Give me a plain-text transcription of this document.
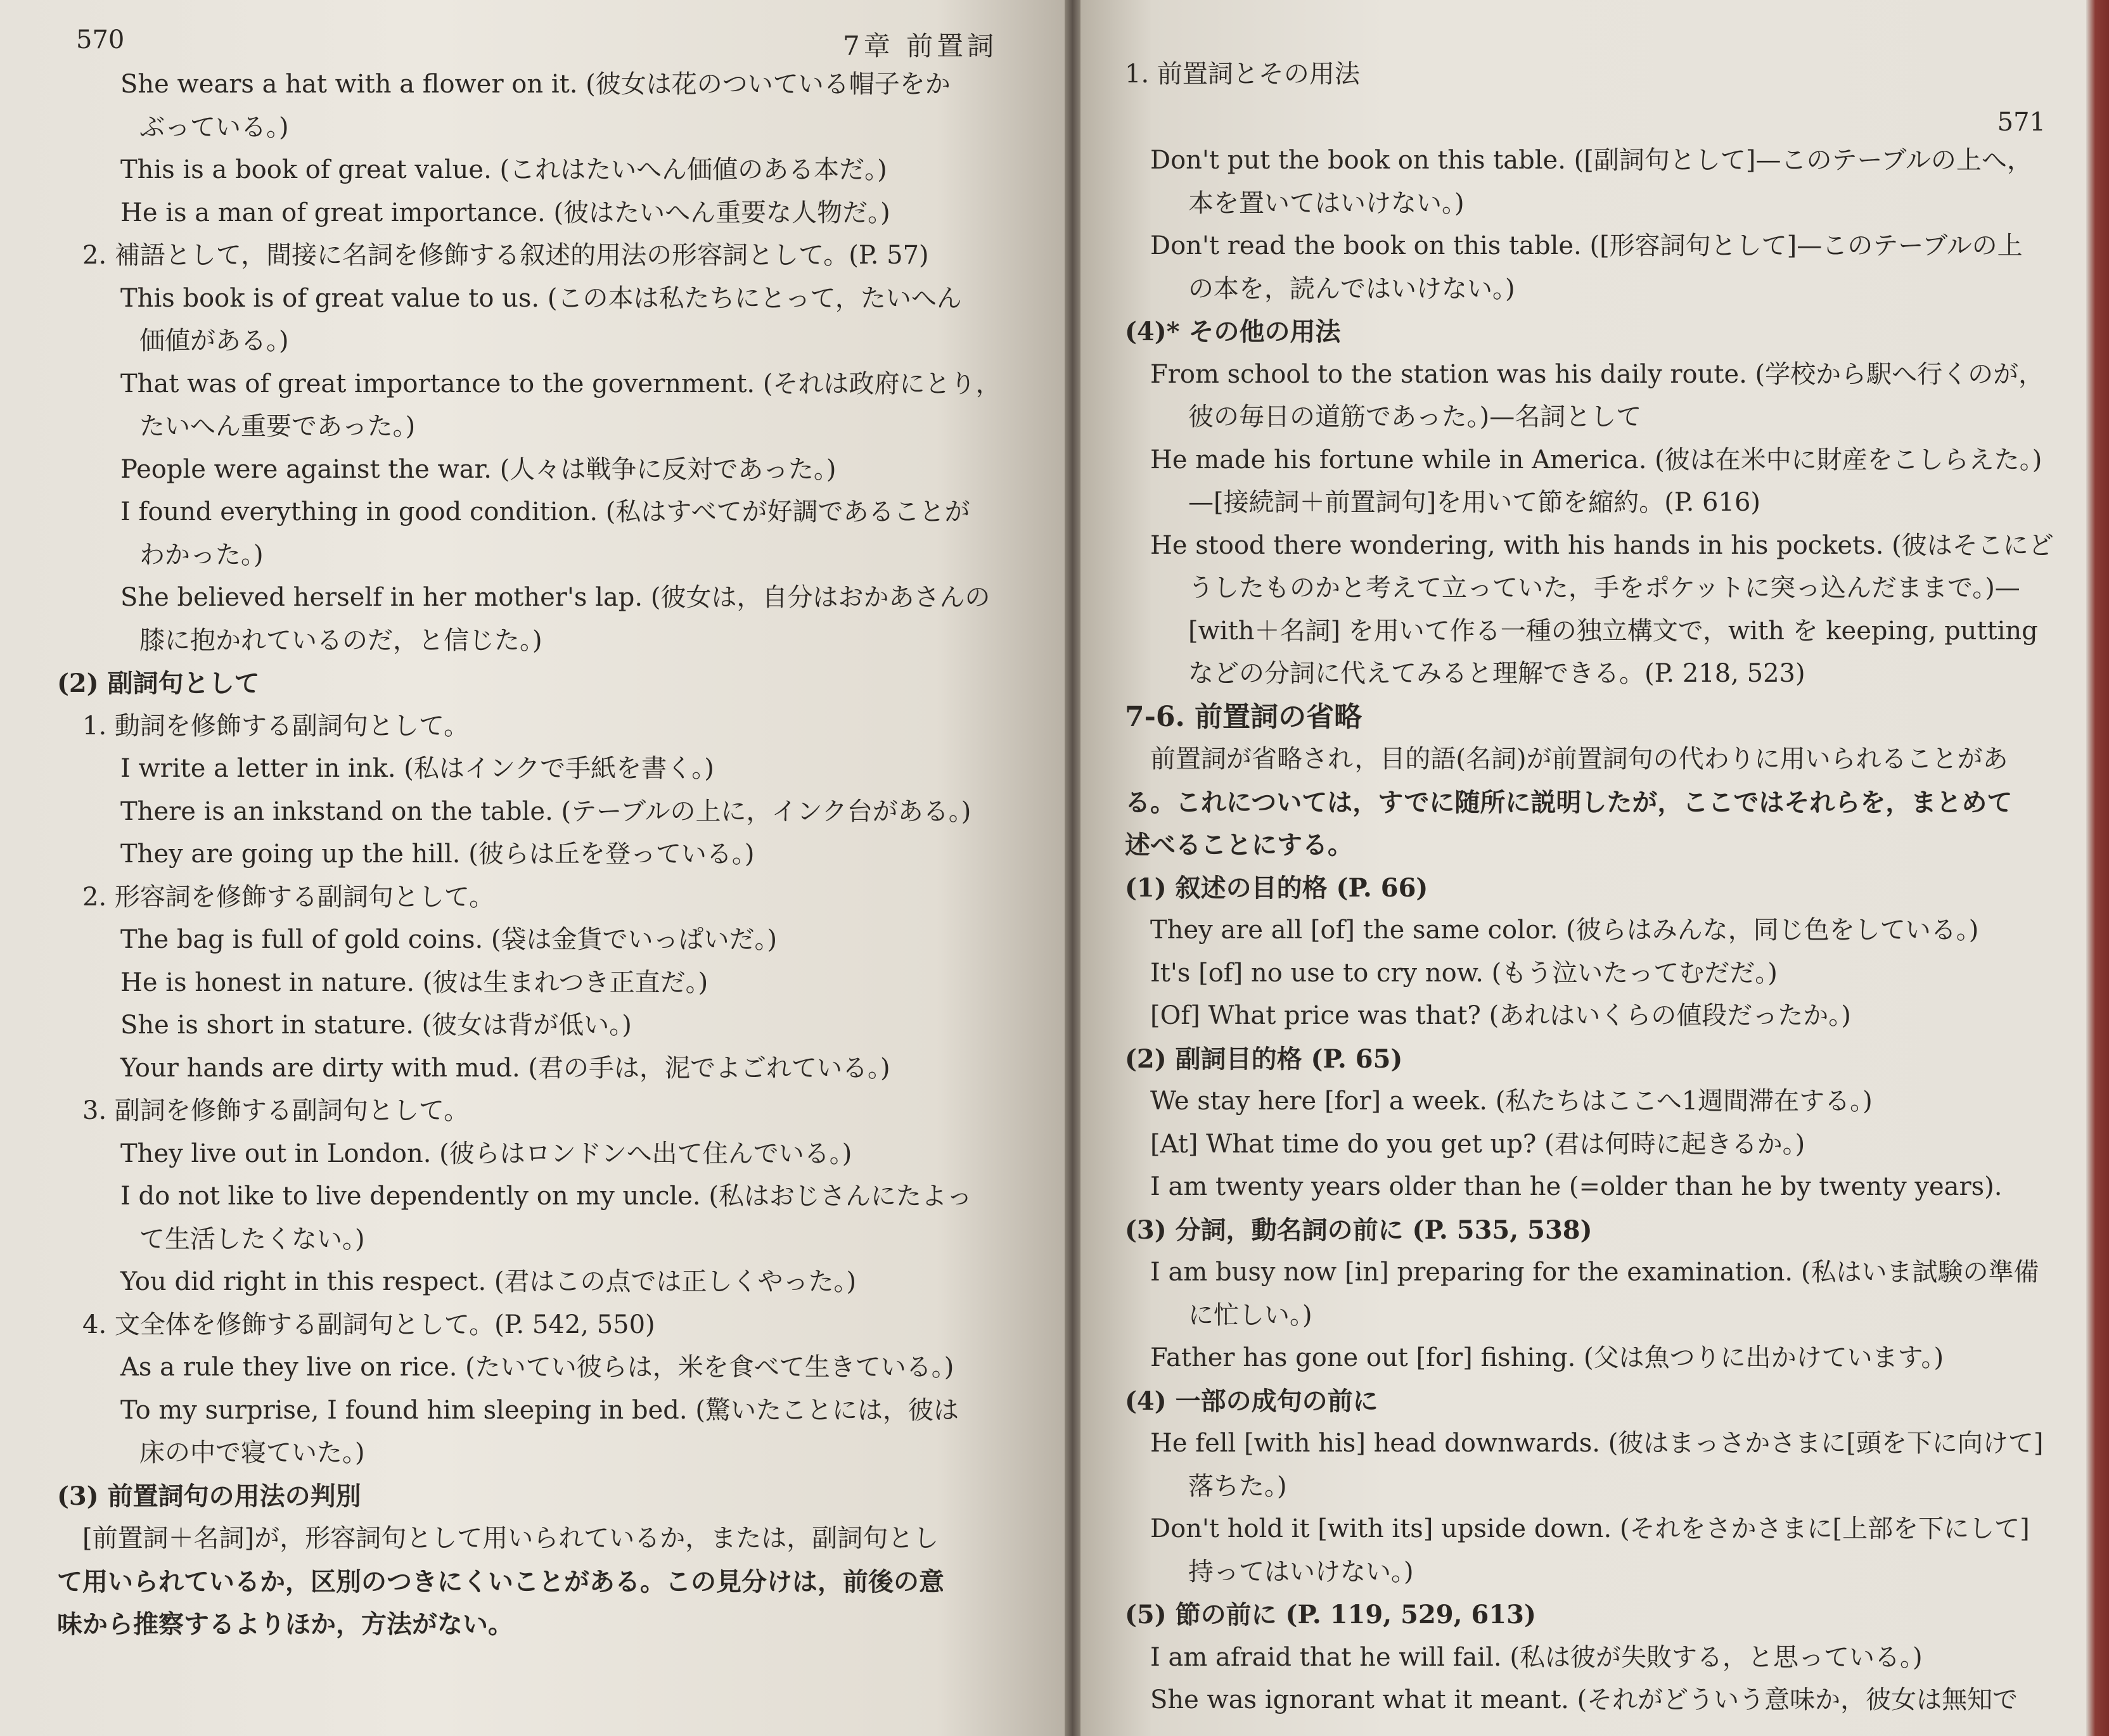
570	7章 前置詞
She wears a hat with a flower on it. (彼女は花のついている帽子をか
ぶっている。)
This is a book of great value. (これはたいへん価値のある本だ。)
He is a man of great importance. (彼はたいへん重要な人物だ。)
2. 補語として，間接に名詞を修飾する叙述的用法の形容詞として。(P. 57)
This book is of great value to us. (この本は私たちにとって，たいへん
価値がある。)
That was of great importance to the government. (それは政府にとり，
たいへん重要であった。)
People were against the war. (人々は戦争に反対であった。)
I found everything in good condition. (私はすべてが好調であることが
わかった。)
She believed herself in her mother's lap. (彼女は，自分はおかあさんの
膝に抱かれているのだ，と信じた。)
(2) 副詞句として
1. 動詞を修飾する副詞句として。
I write a letter in ink. (私はインクで手紙を書く。)
There is an inkstand on the table. (テーブルの上に，インク台がある。)
They are going up the hill. (彼らは丘を登っている。)
2. 形容詞を修飾する副詞句として。
The bag is full of gold coins. (袋は金貨でいっぱいだ。)
He is honest in nature. (彼は生まれつき正直だ。)
She is short in stature. (彼女は背が低い。)
Your hands are dirty with mud. (君の手は，泥でよごれている。)
3. 副詞を修飾する副詞句として。
They live out in London. (彼らはロンドンへ出て住んでいる。)
I do not like to live dependently on my uncle. (私はおじさんにたよっ
て生活したくない。)
You did right in this respect. (君はこの点では正しくやった。)
4. 文全体を修飾する副詞句として。(P. 542, 550)
As a rule they live on rice. (たいてい彼らは，米を食べて生きている。)
To my surprise, I found him sleeping in bed. (驚いたことには，彼は
床の中で寝ていた。)
(3) 前置詞句の用法の判別
[前置詞＋名詞]が，形容詞句として用いられているか，または，副詞句とし
て用いられているか，区別のつきにくいことがある。この見分けは，前後の意
味から推察するよりほか，方法がない。
1. 前置詞とその用法
571
Don't put the book on this table. ([副詞句として]—このテーブルの上へ，
本を置いてはいけない。)
Don't read the book on this table. ([形容詞句として]—このテーブルの上
の本を，読んではいけない。)
(4)* その他の用法
From school to the station was his daily route. (学校から駅へ行くのが，
彼の毎日の道筋であった。)—名詞として
He made his fortune while in America. (彼は在米中に財産をこしらえた。)
—[接続詞＋前置詞句]を用いて節を縮約。(P. 616)
He stood there wondering, with his hands in his pockets. (彼はそこにど
うしたものかと考えて立っていた，手をポケットに突っ込んだままで。)—
[with＋名詞] を用いて作る一種の独立構文で，with を keeping, putting
などの分詞に代えてみると理解できる。(P. 218, 523)
7-6. 前置詞の省略
前置詞が省略され，目的語(名詞)が前置詞句の代わりに用いられることがあ
る。これについては，すでに随所に説明したが，ここではそれらを，まとめて
述べることにする。
(1) 叙述の目的格 (P. 66)
They are all [of] the same color. (彼らはみんな，同じ色をしている。)
It's [of] no use to cry now. (もう泣いたってむだだ。)
[Of] What price was that? (あれはいくらの値段だったか。)
(2) 副詞目的格 (P. 65)
We stay here [for] a week. (私たちはここへ1週間滞在する。)
[At] What time do you get up? (君は何時に起きるか。)
I am twenty years older than he (=older than he by twenty years).
(3) 分詞，動名詞の前に (P. 535, 538)
I am busy now [in] preparing for the examination. (私はいま試験の準備
に忙しい。)
Father has gone out [for] fishing. (父は魚つりに出かけています。)
(4) 一部の成句の前に
He fell [with his] head downwards. (彼はまっさかさまに[頭を下に向けて]
落ちた。)
Don't hold it [with its] upside down. (それをさかさまに[上部を下にして]
持ってはいけない。)
(5) 節の前に (P. 119, 529, 613)
I am afraid that he will fail. (私は彼が失敗する，と思っている。)
She was ignorant what it meant. (それがどういう意味か，彼女は無知で
